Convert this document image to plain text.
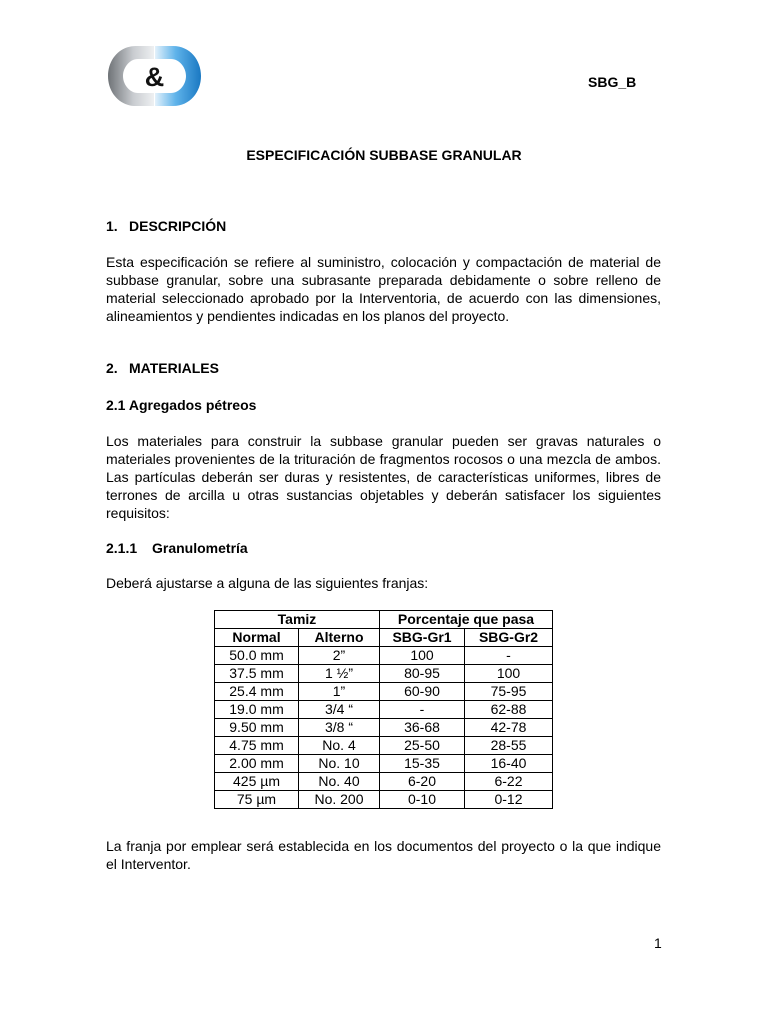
&	SBG_B
ESPECIFICACIÓN SUBBASE GRANULAR
1. DESCRIPCIÓN

Esta especificación se refiere al suministro, colocación y compactación de material de subbase granular, sobre una subrasante preparada debidamente o sobre relleno de material seleccionado aprobado por la Interventoria, de acuerdo con las dimensiones, alineamientos y pendientes indicadas en los planos del proyecto.

2. MATERIALES
2.1 Agregados pétreos

Los materiales para construir la subbase granular pueden ser gravas naturales o materiales provenientes de la trituración de fragmentos rocosos o una mezcla de ambos. Las partículas deberán ser duras y resistentes, de características uniformes, libres de terrones de arcilla u otras sustancias objetables y deberán satisfacer los siguientes requisitos:

2.1.1 Granulometría
Deberá ajustarse a alguna de las siguientes franjas:
Tamiz		Porcentaje que pasa	
Normal	Alterno	SBG-Gr1	SBG-Gr2
50.0 mm	2”	100	-
37.5 mm	1 ½”	80-95	100
25.4 mm	1”	60-90	75-95
19.0 mm	3/4 “	-	62-88
9.50 mm	3/8 “	36-68	42-78
4.75 mm	No. 4	25-50	28-55
2.00 mm	No. 10	15-35	16-40
425 µm	No. 40	6-20	6-22
75 µm	No. 200	0-10	0-12

La franja por emplear será establecida en los documentos del proyecto o la que indique el Interventor.

1
